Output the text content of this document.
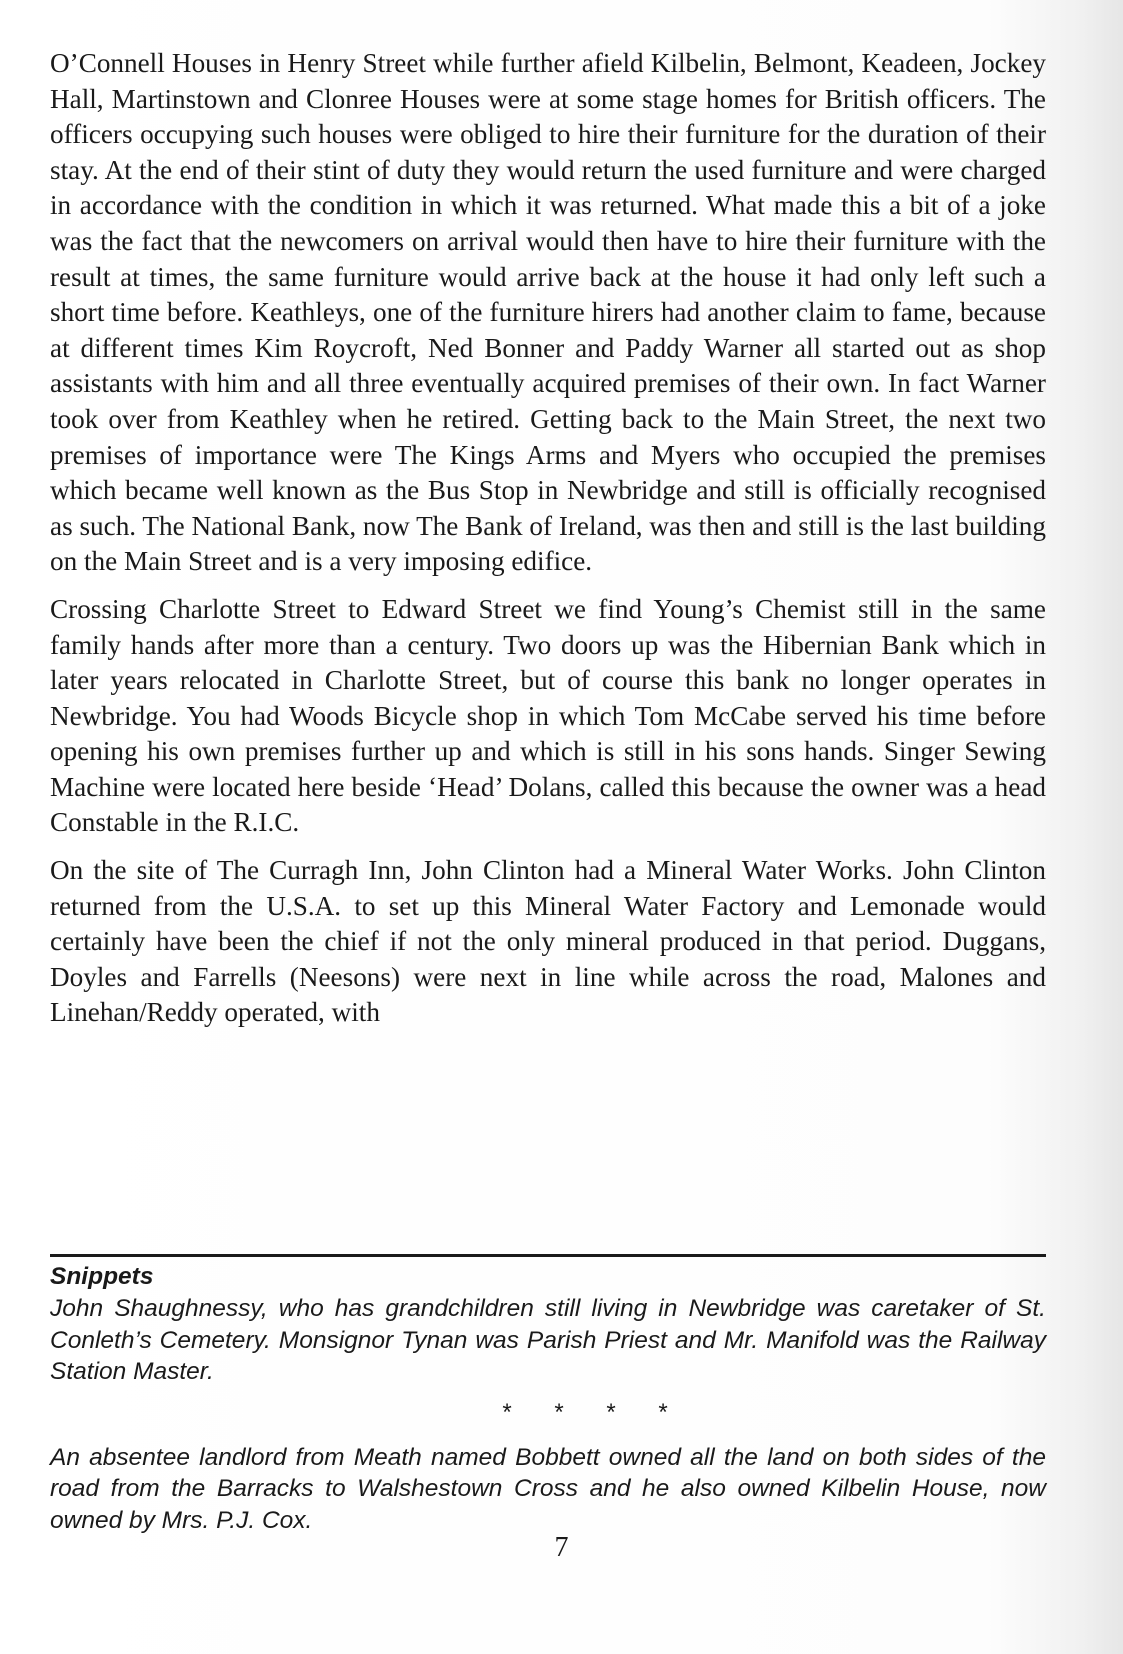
O’Connell Houses in Henry Street while further afield Kilbelin, Belmont, Keadeen, Jockey Hall, Martinstown and Clonree Houses were at some stage homes for British officers. The officers occupying such houses were obliged to hire their furniture for the duration of their stay. At the end of their stint of duty they would return the used furniture and were charged in accordance with the condition in which it was returned. What made this a bit of a joke was the fact that the newcomers on arrival would then have to hire their furniture with the result at times, the same furniture would arrive back at the house it had only left such a short time before. Keathleys, one of the furniture hirers had another claim to fame, because at different times Kim Roycroft, Ned Bonner and Paddy Warner all started out as shop assistants with him and all three eventually acquired premises of their own. In fact Warner took over from Keathley when he retired. Getting back to the Main Street, the next two premises of importance were The Kings Arms and Myers who occupied the premises which became well known as the Bus Stop in Newbridge and still is officially recognised as such. The National Bank, now The Bank of Ireland, was then and still is the last building on the Main Street and is a very imposing edifice.

Crossing Charlotte Street to Edward Street we find Young’s Chemist still in the same family hands after more than a century. Two doors up was the Hibernian Bank which in later years relocated in Charlotte Street, but of course this bank no longer operates in Newbridge. You had Woods Bicycle shop in which Tom McCabe served his time before opening his own premises further up and which is still in his sons hands. Singer Sewing Machine were located here beside ‘Head’ Dolans, called this because the owner was a head Constable in the R.I.C.

On the site of The Curragh Inn, John Clinton had a Mineral Water Works. John Clinton returned from the U.S.A. to set up this Mineral Water Factory and Lemonade would certainly have been the chief if not the only mineral produced in that period. Duggans, Doyles and Farrells (Neesons) were next in line while across the road, Malones and Linehan/Reddy operated, with

Snippets

John Shaughnessy, who has grandchildren still living in Newbridge was caretaker of St. Conleth’s Cemetery. Monsignor Tynan was Parish Priest and Mr. Manifold was the Railway Station Master.

* * * *

An absentee landlord from Meath named Bobbett owned all the land on both sides of the road from the Barracks to Walshestown Cross and he also owned Kilbelin House, now owned by Mrs. P.J. Cox.

7
